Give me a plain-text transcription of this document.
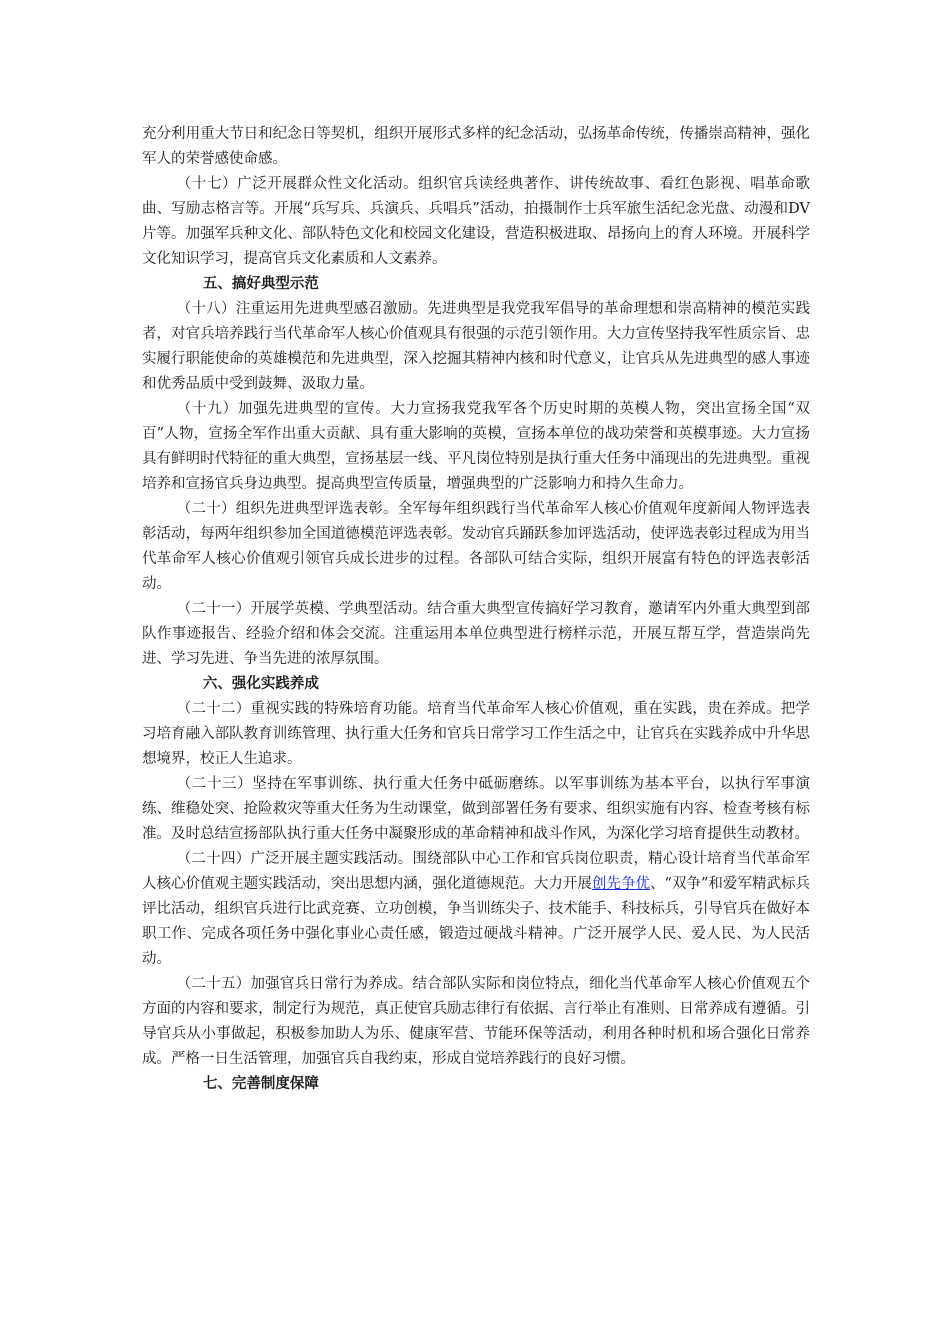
充分利用重大节日和纪念日等契机，组织开展形式多样的纪念活动，弘扬革命传统，传播崇高精神，强化军人的荣誉感使命感。

（十七）广泛开展群众性文化活动。组织官兵读经典著作、讲传统故事、看红色影视、唱革命歌曲、写励志格言等。开展“兵写兵、兵演兵、兵唱兵”活动，拍摄制作士兵军旅生活纪念光盘、动漫和DV片等。加强军兵种文化、部队特色文化和校园文化建设，营造积极进取、昂扬向上的育人环境。开展科学文化知识学习，提高官兵文化素质和人文素养。

五、搞好典型示范

（十八）注重运用先进典型感召激励。先进典型是我党我军倡导的革命理想和崇高精神的模范实践者，对官兵培养践行当代革命军人核心价值观具有很强的示范引领作用。大力宣传坚持我军性质宗旨、忠实履行职能使命的英雄模范和先进典型，深入挖掘其精神内核和时代意义，让官兵从先进典型的感人事迹和优秀品质中受到鼓舞、汲取力量。

（十九）加强先进典型的宣传。大力宣扬我党我军各个历史时期的英模人物，突出宣扬全国“双百”人物，宣扬全军作出重大贡献、具有重大影响的英模，宣扬本单位的战功荣誉和英模事迹。大力宣扬具有鲜明时代特征的重大典型，宣扬基层一线、平凡岗位特别是执行重大任务中涌现出的先进典型。重视培养和宣扬官兵身边典型。提高典型宣传质量，增强典型的广泛影响力和持久生命力。

（二十）组织先进典型评选表彰。全军每年组织践行当代革命军人核心价值观年度新闻人物评选表彰活动，每两年组织参加全国道德模范评选表彰。发动官兵踊跃参加评选活动，使评选表彰过程成为用当代革命军人核心价值观引领官兵成长进步的过程。各部队可结合实际，组织开展富有特色的评选表彰活动。

（二十一）开展学英模、学典型活动。结合重大典型宣传搞好学习教育，邀请军内外重大典型到部队作事迹报告、经验介绍和体会交流。注重运用本单位典型进行榜样示范，开展互帮互学，营造崇尚先进、学习先进、争当先进的浓厚氛围。

六、强化实践养成

（二十二）重视实践的特殊培育功能。培育当代革命军人核心价值观，重在实践，贵在养成。把学习培育融入部队教育训练管理、执行重大任务和官兵日常学习工作生活之中，让官兵在实践养成中升华思想境界，校正人生追求。

（二十三）坚持在军事训练、执行重大任务中砥砺磨练。以军事训练为基本平台，以执行军事演练、维稳处突、抢险救灾等重大任务为生动课堂，做到部署任务有要求、组织实施有内容、检查考核有标准。及时总结宣扬部队执行重大任务中凝聚形成的革命精神和战斗作风，为深化学习培育提供生动教材。

（二十四）广泛开展主题实践活动。围绕部队中心工作和官兵岗位职责，精心设计培育当代革命军人核心价值观主题实践活动，突出思想内涵，强化道德规范。大力开展创先争优、“双争”和爱军精武标兵评比活动，组织官兵进行比武竞赛、立功创模，争当训练尖子、技术能手、科技标兵，引导官兵在做好本职工作、完成各项任务中强化事业心责任感，锻造过硬战斗精神。广泛开展学人民、爱人民、为人民活动。

（二十五）加强官兵日常行为养成。结合部队实际和岗位特点，细化当代革命军人核心价值观五个方面的内容和要求，制定行为规范，真正使官兵励志律行有依据、言行举止有准则、日常养成有遵循。引导官兵从小事做起，积极参加助人为乐、健康军营、节能环保等活动，利用各种时机和场合强化日常养成。严格一日生活管理，加强官兵自我约束，形成自觉培养践行的良好习惯。

七、完善制度保障
